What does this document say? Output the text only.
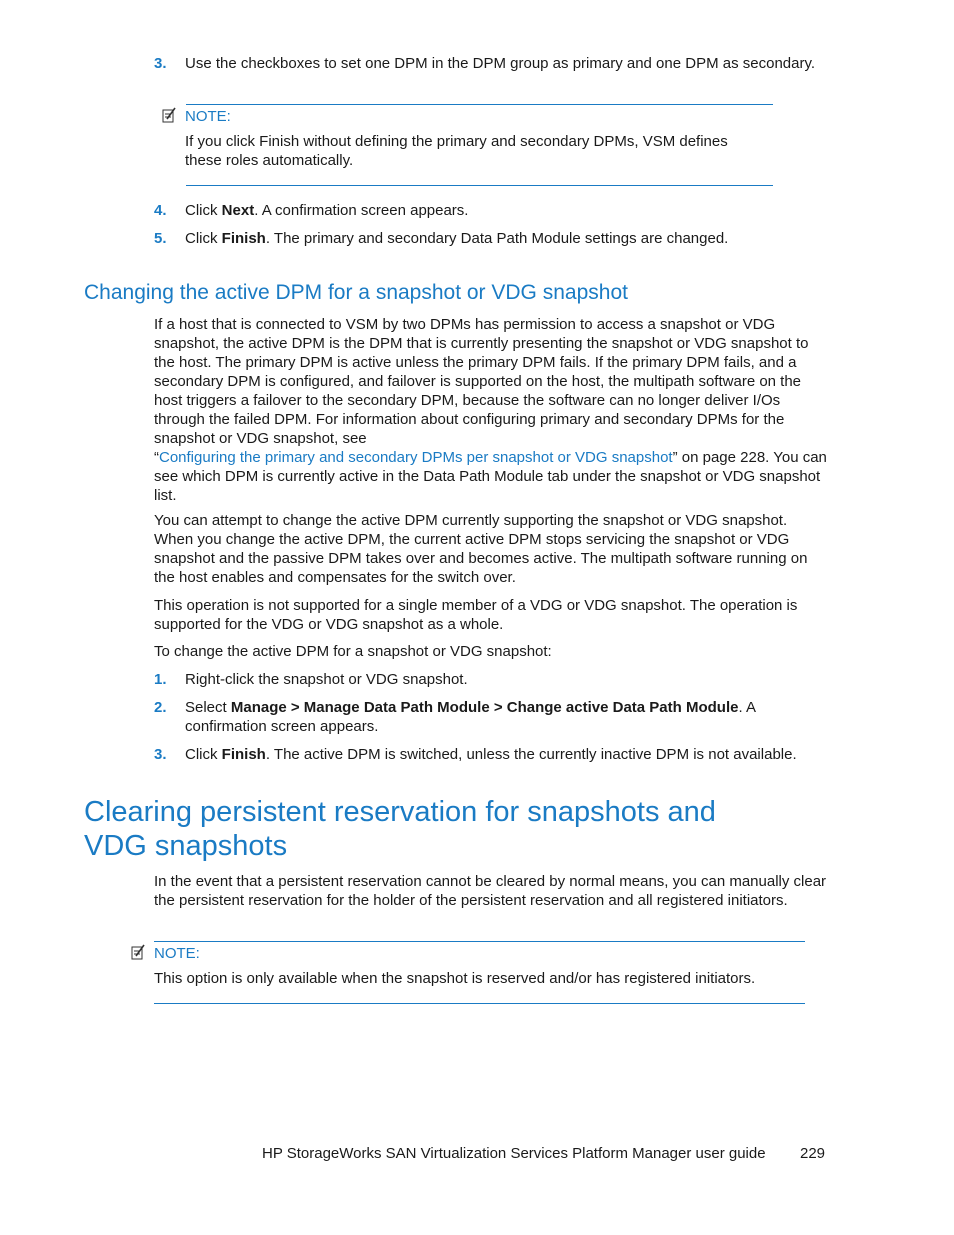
3. Use the checkboxes to set one DPM in the DPM group as primary and one DPM as secondary.
NOTE:
If you click Finish without defining the primary and secondary DPMs, VSM defines these roles automatically.
4. Click Next. A confirmation screen appears.
5. Click Finish. The primary and secondary Data Path Module settings are changed.
Changing the active DPM for a snapshot or VDG snapshot
If a host that is connected to VSM by two DPMs has permission to access a snapshot or VDG snapshot, the active DPM is the DPM that is currently presenting the snapshot or VDG snapshot to the host. The primary DPM is active unless the primary DPM fails. If the primary DPM fails, and a secondary DPM is configured, and failover is supported on the host, the multipath software on the host triggers a failover to the secondary DPM, because the software can no longer deliver I/Os through the failed DPM. For information about configuring primary and secondary DPMs for the snapshot or VDG snapshot, see
“Configuring the primary and secondary DPMs per snapshot or VDG snapshot” on page 228. You can see which DPM is currently active in the Data Path Module tab under the snapshot or VDG snapshot list.
You can attempt to change the active DPM currently supporting the snapshot or VDG snapshot. When you change the active DPM, the current active DPM stops servicing the snapshot or VDG snapshot and the passive DPM takes over and becomes active. The multipath software running on the host enables and compensates for the switch over.
This operation is not supported for a single member of a VDG or VDG snapshot. The operation is supported for the VDG or VDG snapshot as a whole.
To change the active DPM for a snapshot or VDG snapshot:
1. Right-click the snapshot or VDG snapshot.
2. Select Manage > Manage Data Path Module > Change active Data Path Module. A confirmation screen appears.
3. Click Finish. The active DPM is switched, unless the currently inactive DPM is not available.
Clearing persistent reservation for snapshots and VDG snapshots
In the event that a persistent reservation cannot be cleared by normal means, you can manually clear the persistent reservation for the holder of the persistent reservation and all registered initiators.
NOTE:
This option is only available when the snapshot is reserved and/or has registered initiators.
HP StorageWorks SAN Virtualization Services Platform Manager user guide	229
